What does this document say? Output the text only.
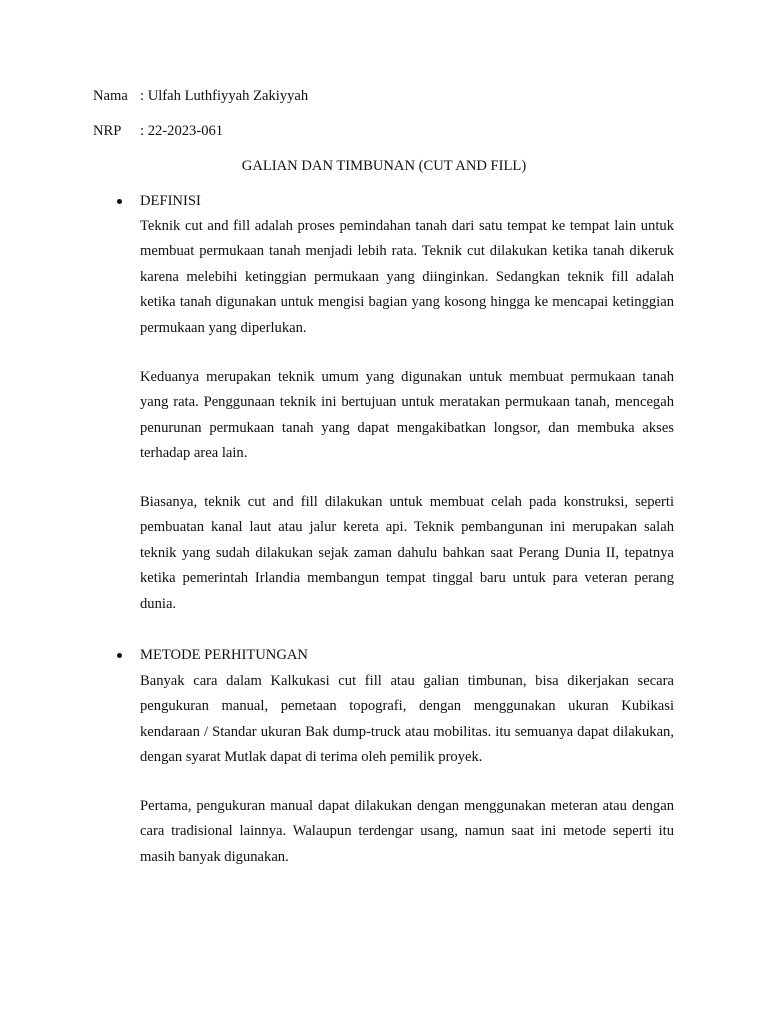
Nama : Ulfah Luthfiyyah Zakiyyah
NRP : 22-2023-061
GALIAN DAN TIMBUNAN (CUT AND FILL)
DEFINISI
Teknik cut and fill adalah proses pemindahan tanah dari satu tempat ke tempat lain untuk membuat permukaan tanah menjadi lebih rata. Teknik cut dilakukan ketika tanah dikeruk karena melebihi ketinggian permukaan yang diinginkan. Sedangkan teknik fill adalah ketika tanah digunakan untuk mengisi bagian yang kosong hingga ke mencapai ketinggian permukaan yang diperlukan.
Keduanya merupakan teknik umum yang digunakan untuk membuat permukaan tanah yang rata. Penggunaan teknik ini bertujuan untuk meratakan permukaan tanah, mencegah penurunan permukaan tanah yang dapat mengakibatkan longsor, dan membuka akses terhadap area lain.
Biasanya, teknik cut and fill dilakukan untuk membuat celah pada konstruksi, seperti pembuatan kanal laut atau jalur kereta api. Teknik pembangunan ini merupakan salah teknik yang sudah dilakukan sejak zaman dahulu bahkan saat Perang Dunia II, tepatnya ketika pemerintah Irlandia membangun tempat tinggal baru untuk para veteran perang dunia.
METODE PERHITUNGAN
Banyak cara dalam Kalkukasi cut fill atau galian timbunan, bisa dikerjakan secara pengukuran manual, pemetaan topografi, dengan menggunakan ukuran Kubikasi kendaraan / Standar ukuran Bak dump-truck atau mobilitas. itu semuanya dapat dilakukan, dengan syarat Mutlak dapat di terima oleh pemilik proyek.
Pertama, pengukuran manual dapat dilakukan dengan menggunakan meteran atau dengan cara tradisional lainnya. Walaupun terdengar usang, namun saat ini metode seperti itu masih banyak digunakan.
